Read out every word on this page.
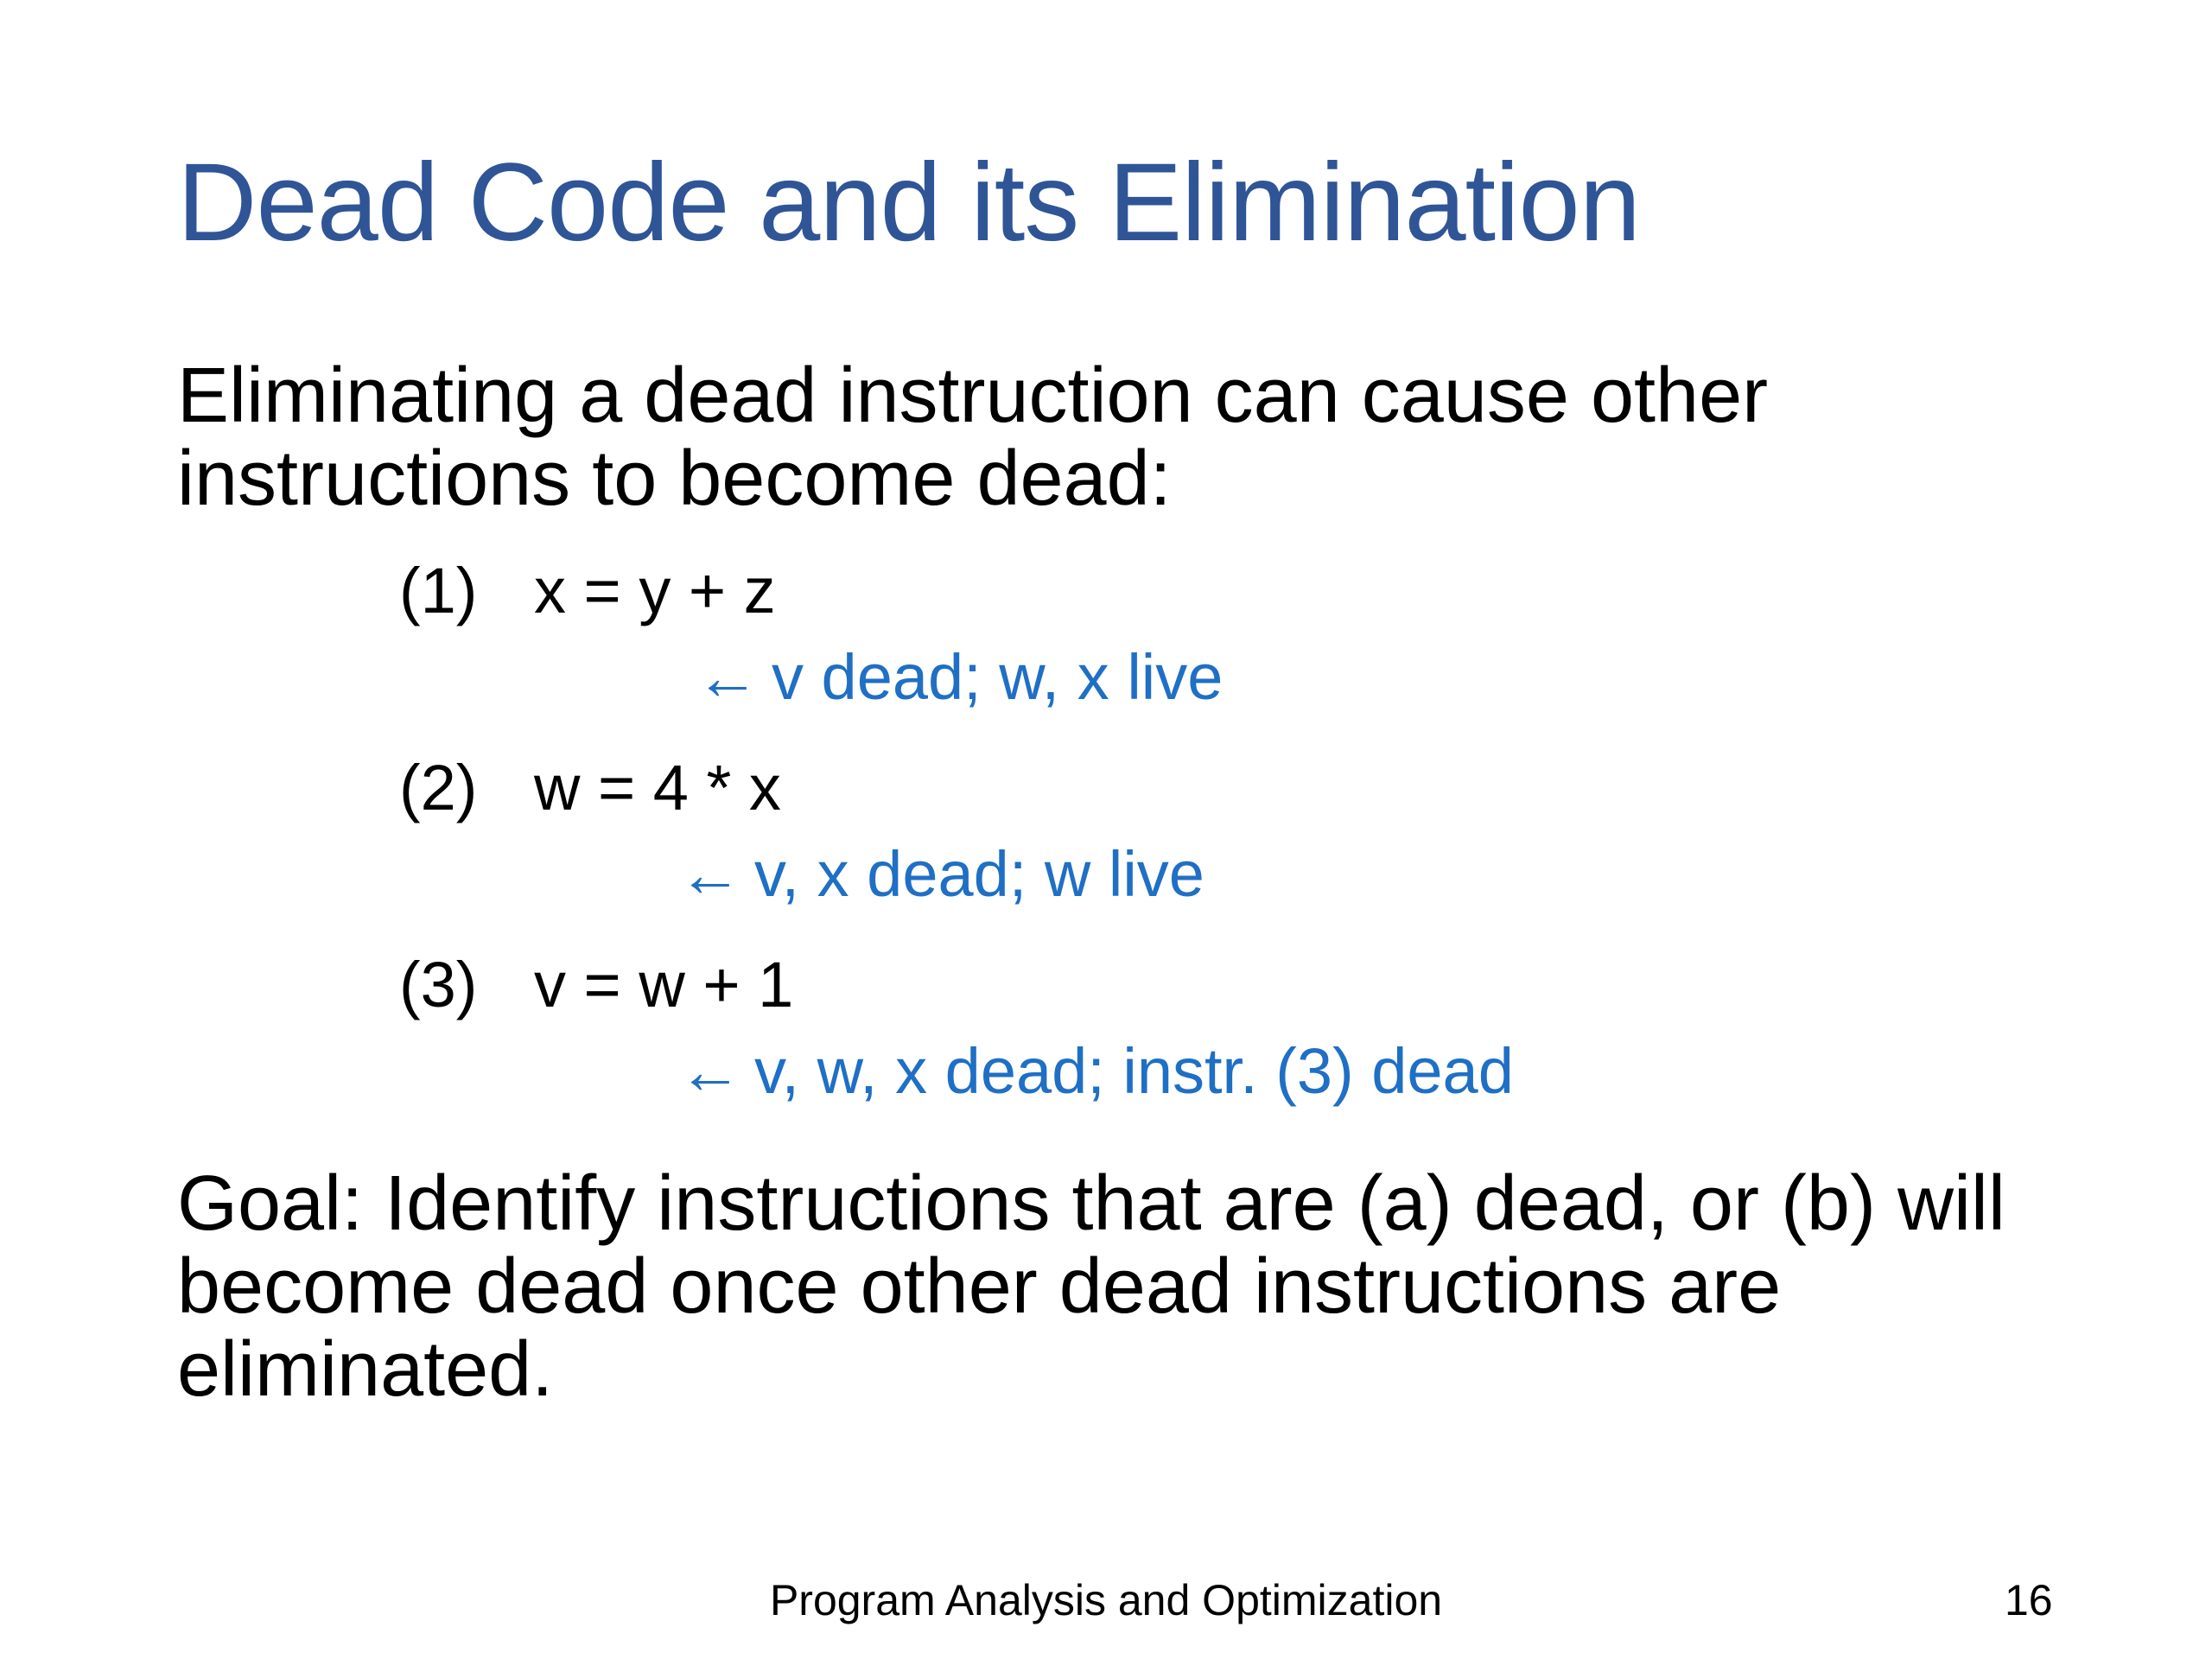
Dead Code and its Elimination
Eliminating a dead instruction can cause other instructions to become dead:
(1) x = y + z
← v dead; w, x live
(2) w = 4 * x
← v, x dead; w live
(3) v = w + 1
← v, w, x dead; instr. (3) dead
Goal: Identify instructions that are (a) dead, or (b) will become dead once other dead instructions are eliminated.
Program Analysis and Optimization	16
